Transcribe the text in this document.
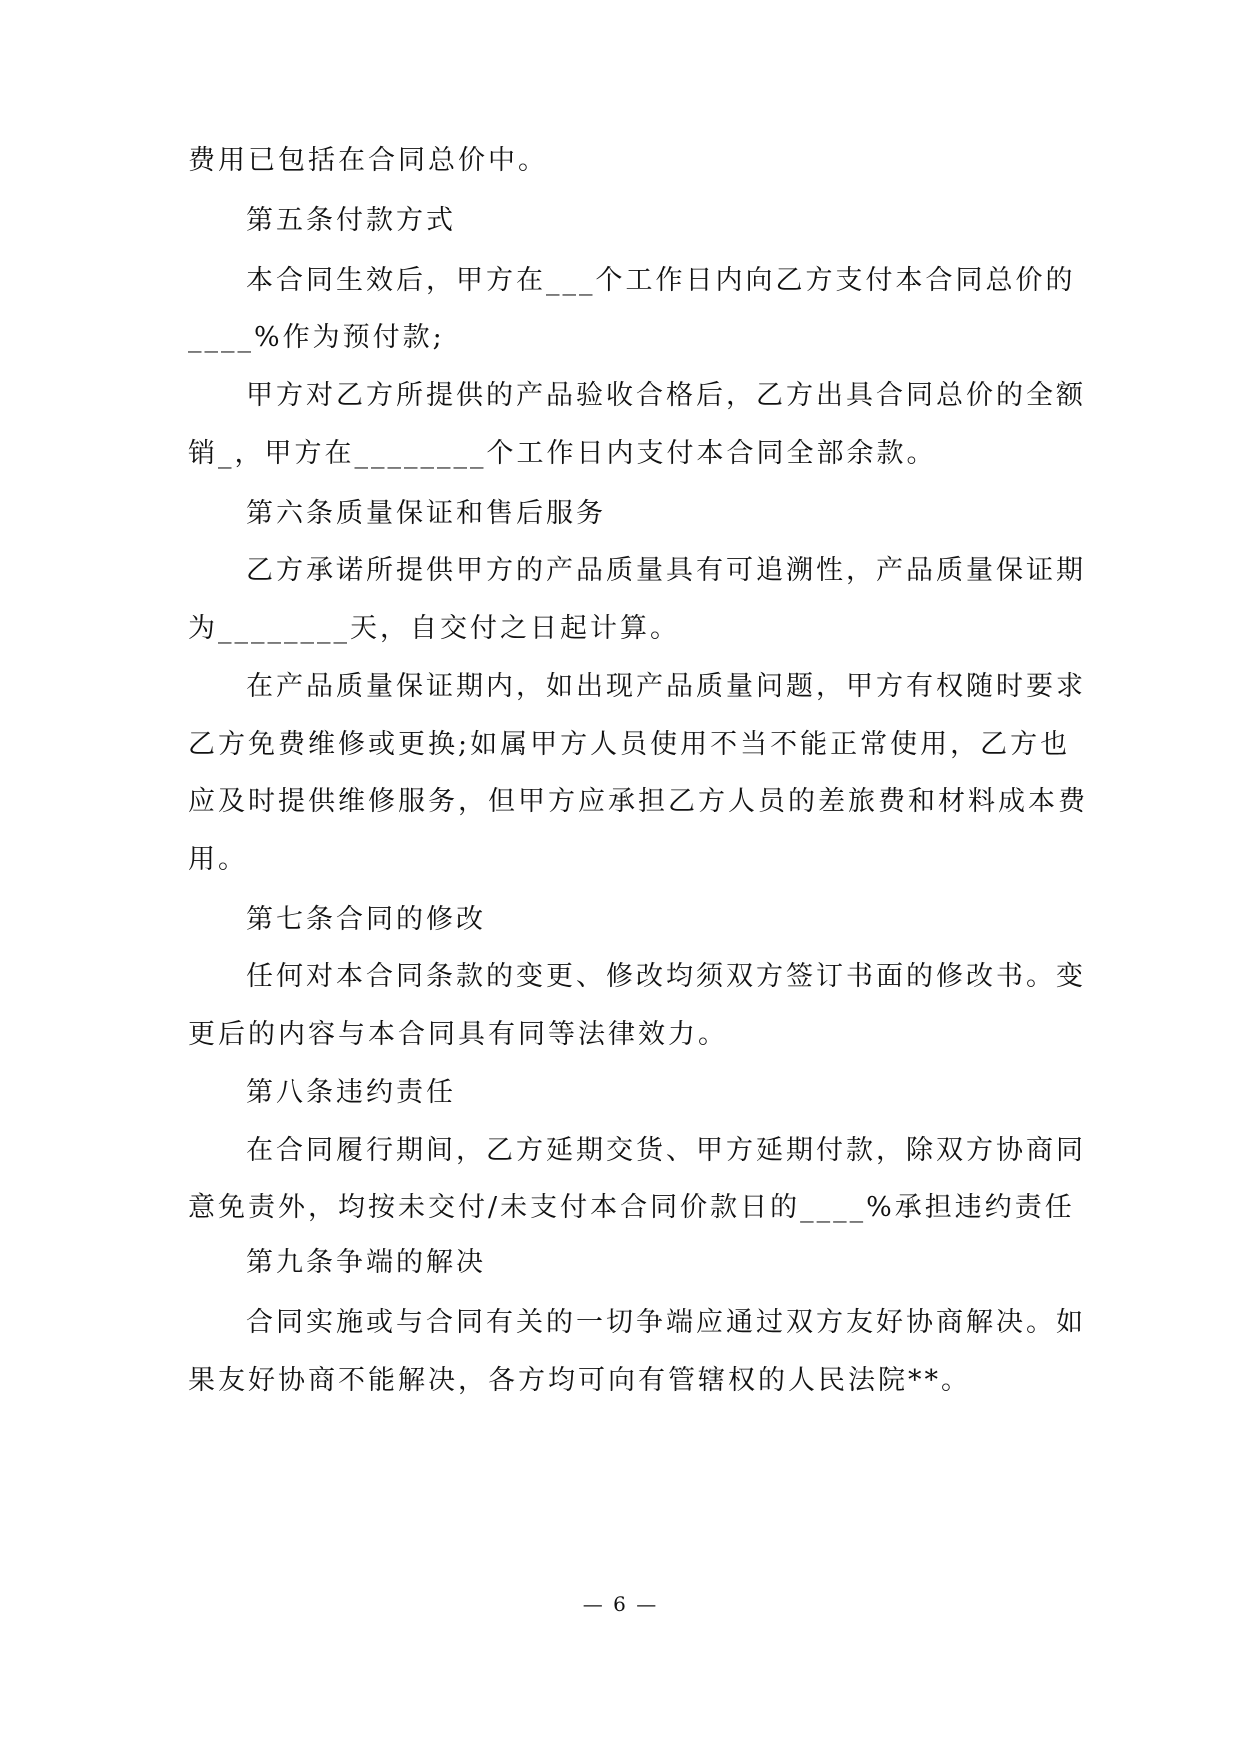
费用已包括在合同总价中。
第五条付款方式
本合同生效后，甲方在___个工作日内向乙方支付本合同总价的
____%作为预付款;
甲方对乙方所提供的产品验收合格后，乙方出具合同总价的全额
销_，甲方在________个工作日内支付本合同全部余款。
第六条质量保证和售后服务
乙方承诺所提供甲方的产品质量具有可追溯性，产品质量保证期
为________天，自交付之日起计算。
在产品质量保证期内，如出现产品质量问题，甲方有权随时要求
乙方免费维修或更换;如属甲方人员使用不当不能正常使用，乙方也
应及时提供维修服务，但甲方应承担乙方人员的差旅费和材料成本费
用。
第七条合同的修改
任何对本合同条款的变更、修改均须双方签订书面的修改书。变
更后的内容与本合同具有同等法律效力。
第八条违约责任
在合同履行期间，乙方延期交货、甲方延期付款，除双方协商同
意免责外，均按未交付/未支付本合同价款日的____%承担违约责任
第九条争端的解决
合同实施或与合同有关的一切争端应通过双方友好协商解决。如
果友好协商不能解决，各方均可向有管辖权的人民法院**。
— 6 —
